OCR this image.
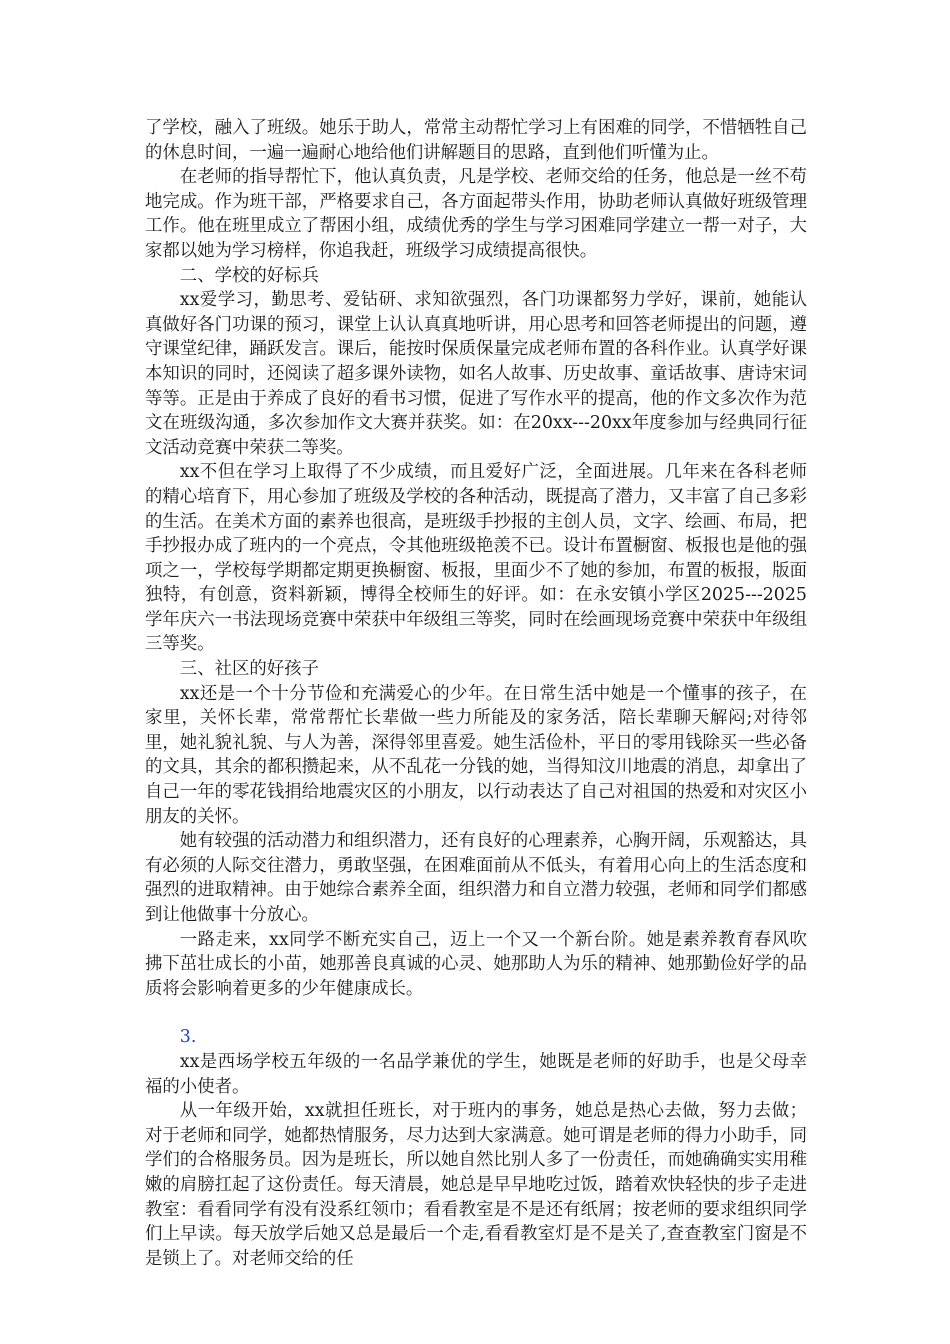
了学校，融入了班级。她乐于助人，常常主动帮忙学习上有困难的同学，不惜牺牲自己的休息时间，一遍一遍耐心地给他们讲解题目的思路，直到他们听懂为止。

在老师的指导帮忙下，他认真负责，凡是学校、老师交给的任务，他总是一丝不苟地完成。作为班干部，严格要求自己，各方面起带头作用，协助老师认真做好班级管理工作。他在班里成立了帮困小组，成绩优秀的学生与学习困难同学建立一帮一对子，大家都以她为学习榜样，你追我赶，班级学习成绩提高很快。

二、学校的好标兵

xx爱学习，勤思考、爱钻研、求知欲强烈，各门功课都努力学好，课前，她能认真做好各门功课的预习，课堂上认认真真地听讲，用心思考和回答老师提出的问题，遵守课堂纪律，踊跃发言。课后，能按时保质保量完成老师布置的各科作业。认真学好课本知识的同时，还阅读了超多课外读物，如名人故事、历史故事、童话故事、唐诗宋词等等。正是由于养成了良好的看书习惯，促进了写作水平的提高，他的作文多次作为范文在班级沟通，多次参加作文大赛并获奖。如：在20xx---20xx年度参加与经典同行征文活动竞赛中荣获二等奖。

xx不但在学习上取得了不少成绩，而且爱好广泛，全面进展。几年来在各科老师的精心培育下，用心参加了班级及学校的各种活动，既提高了潜力，又丰富了自己多彩的生活。在美术方面的素养也很高，是班级手抄报的主创人员，文字、绘画、布局，把手抄报办成了班内的一个亮点，令其他班级艳羡不已。设计布置橱窗、板报也是他的强项之一，学校每学期都定期更换橱窗、板报，里面少不了她的参加，布置的板报，版面独特，有创意，资料新颖，博得全校师生的好评。如：在永安镇小学区2025---2025学年庆六一书法现场竞赛中荣获中年级组三等奖，同时在绘画现场竞赛中荣获中年级组三等奖。

三、社区的好孩子

xx还是一个十分节俭和充满爱心的少年。在日常生活中她是一个懂事的孩子，在家里，关怀长辈，常常帮忙长辈做一些力所能及的家务活，陪长辈聊天解闷;对待邻里，她礼貌礼貌、与人为善，深得邻里喜爱。她生活俭朴，平日的零用钱除买一些必备的文具，其余的都积攒起来，从不乱花一分钱的她，当得知汶川地震的消息，却拿出了自己一年的零花钱捐给地震灾区的小朋友，以行动表达了自己对祖国的热爱和对灾区小朋友的关怀。

她有较强的活动潜力和组织潜力，还有良好的心理素养，心胸开阔，乐观豁达，具有必须的人际交往潜力，勇敢坚强，在困难面前从不低头，有着用心向上的生活态度和强烈的进取精神。由于她综合素养全面，组织潜力和自立潜力较强，老师和同学们都感到让他做事十分放心。

一路走来，xx同学不断充实自己，迈上一个又一个新台阶。她是素养教育春风吹拂下茁壮成长的小苗，她那善良真诚的心灵、她那助人为乐的精神、她那勤俭好学的品质将会影响着更多的少年健康成长。

3.

xx是西场学校五年级的一名品学兼优的学生，她既是老师的好助手，也是父母幸福的小使者。

从一年级开始，xx就担任班长，对于班内的事务，她总是热心去做，努力去做；对于老师和同学，她都热情服务，尽力达到大家满意。她可谓是老师的得力小助手，同学们的合格服务员。因为是班长，所以她自然比别人多了一份责任，而她确确实实用稚嫩的肩膀扛起了这份责任。每天清晨，她总是早早地吃过饭，踏着欢快轻快的步子走进教室：看看同学有没有没系红领巾；看看教室是不是还有纸屑；按老师的要求组织同学们上早读。每天放学后她又总是最后一个走,看看教室灯是不是关了,查查教室门窗是不是锁上了。对老师交给的任
